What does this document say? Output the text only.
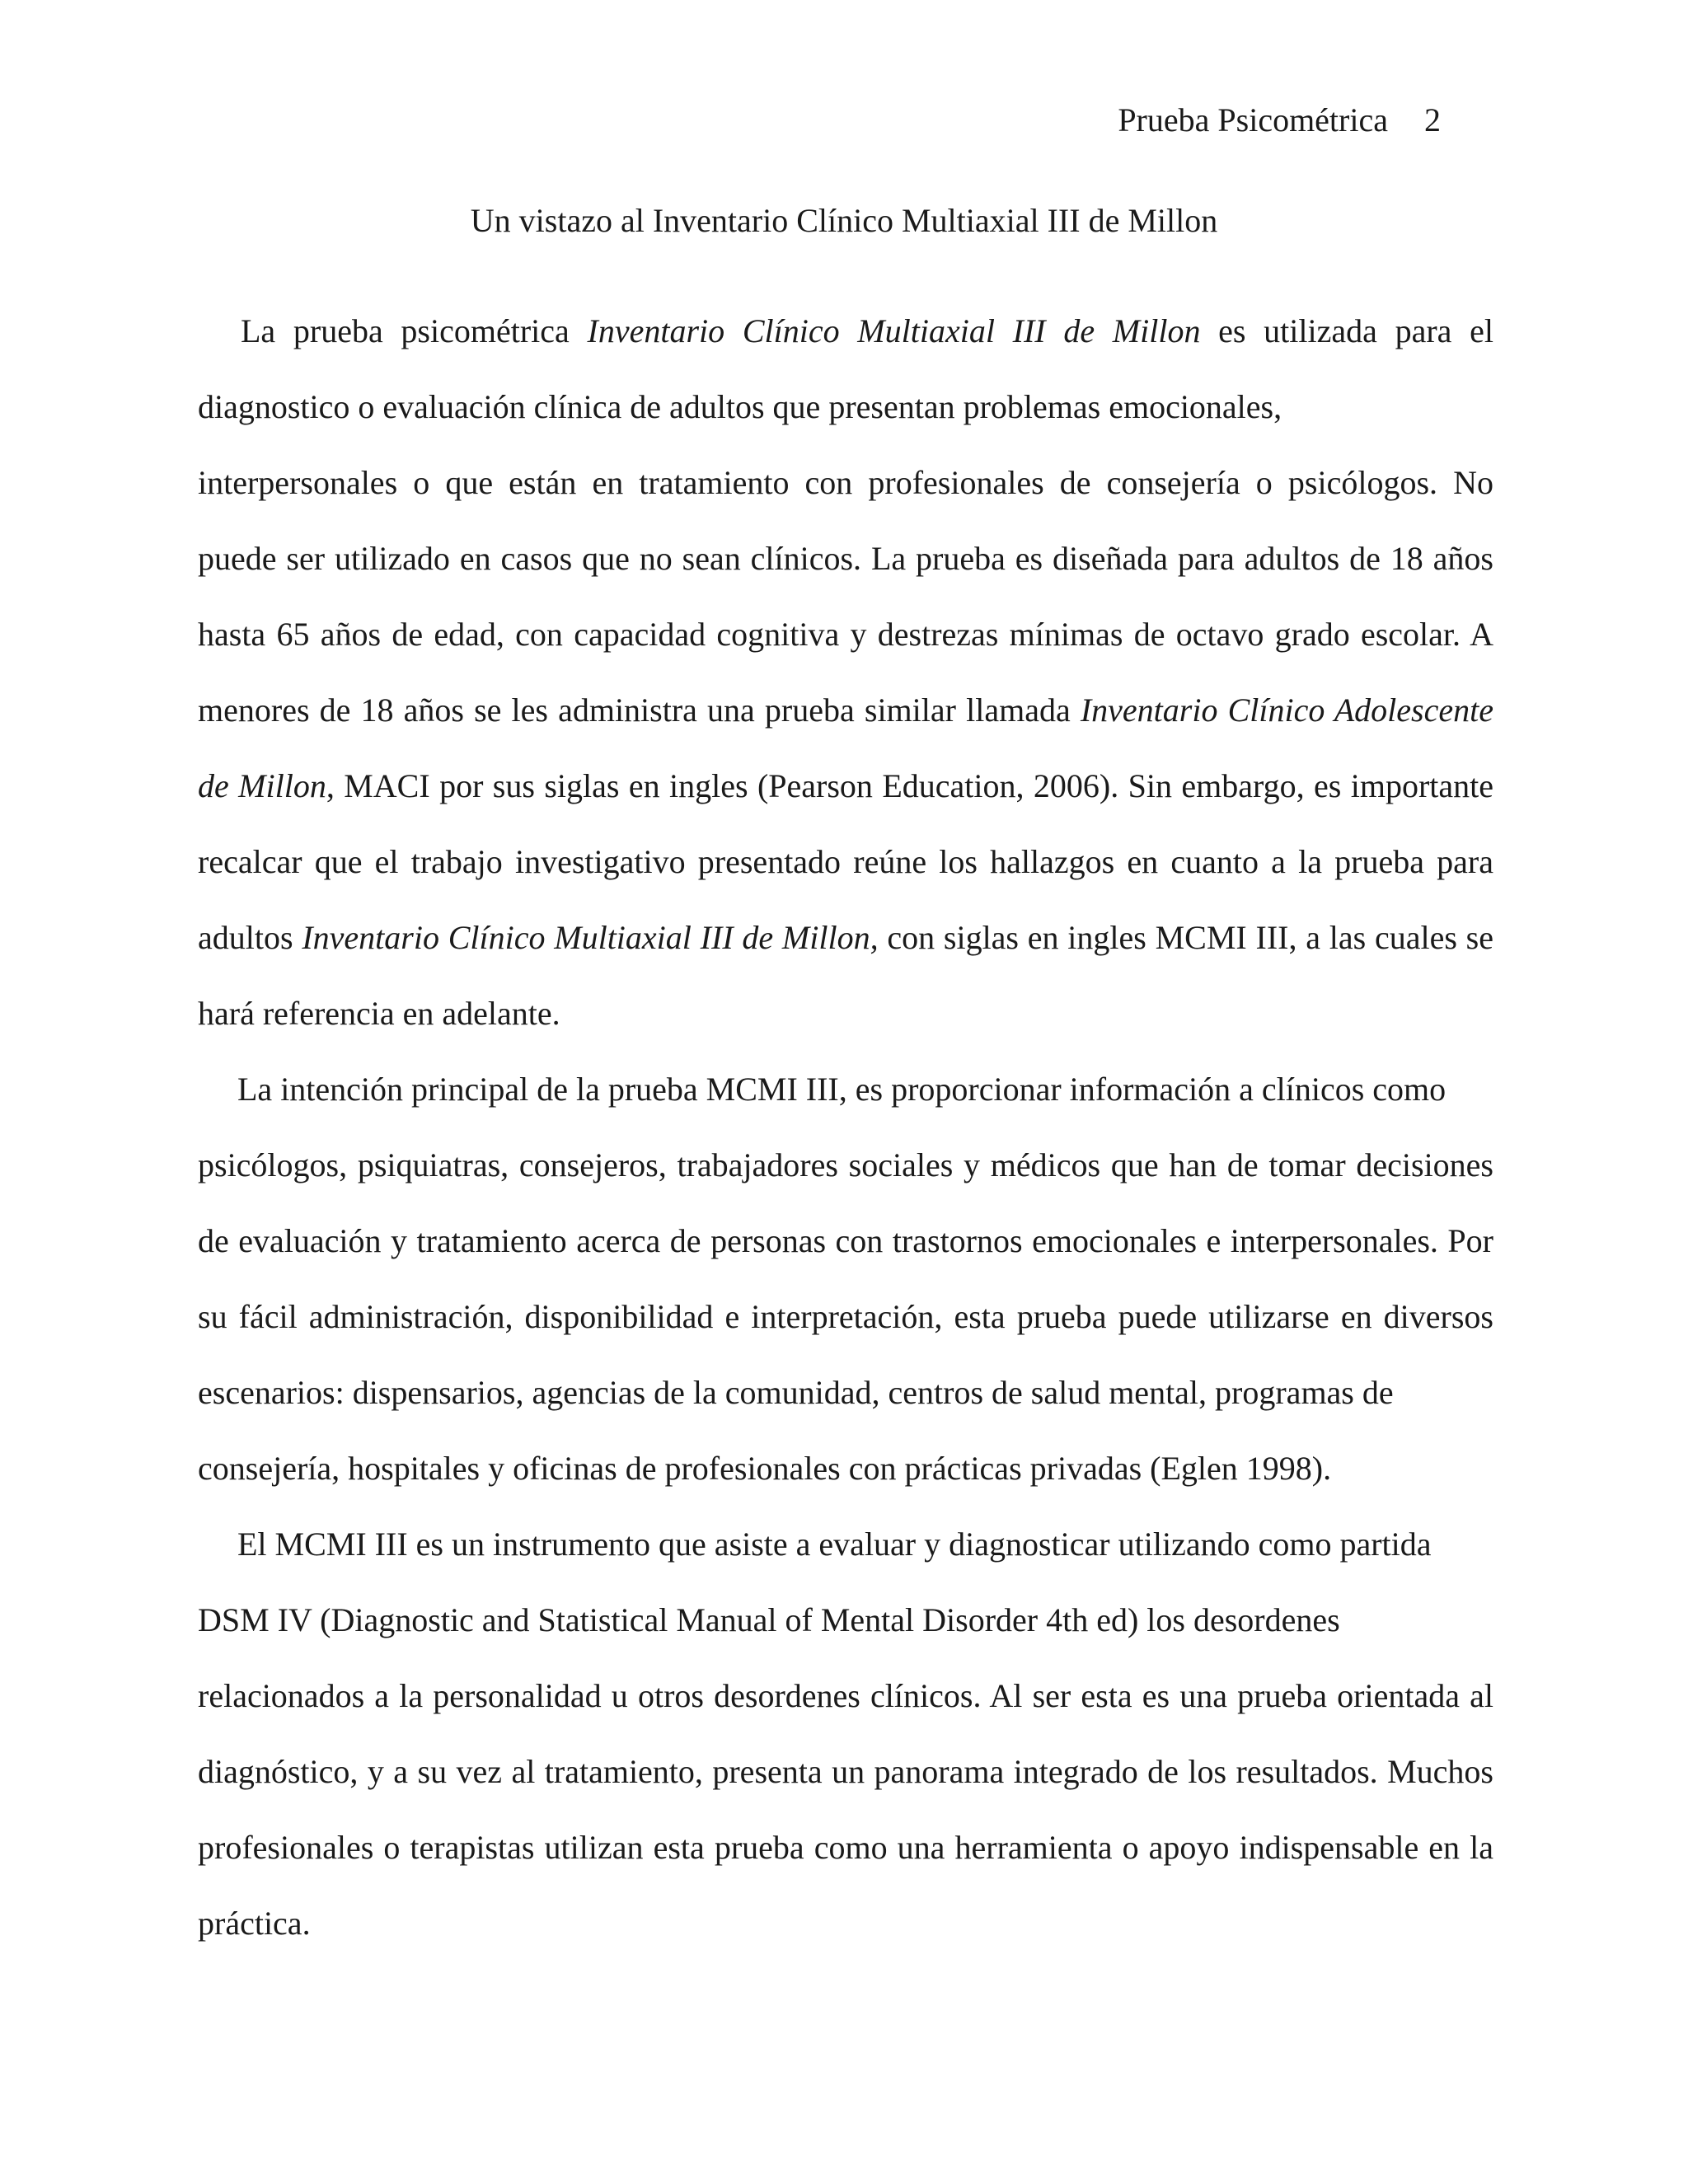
Prueba Psicométrica 2
Un vistazo al Inventario Clínico Multiaxial III de Millon
La prueba psicométrica Inventario Clínico Multiaxial III de Millon es utilizada para el
diagnostico o evaluación clínica de adultos que presentan problemas emocionales,
interpersonales o que están en tratamiento con profesionales de consejería o psicólogos. No
puede ser utilizado en casos que no sean clínicos. La prueba es diseñada para adultos de 18 años
hasta 65 años de edad, con capacidad cognitiva y destrezas mínimas de octavo grado escolar. A
menores de 18 años se les administra una prueba similar llamada Inventario Clínico Adolescente
de Millon, MACI por sus siglas en ingles (Pearson Education, 2006). Sin embargo, es importante
recalcar que el trabajo investigativo presentado reúne los hallazgos en cuanto a la prueba para
adultos Inventario Clínico Multiaxial III de Millon, con siglas en ingles MCMI III, a las cuales se
hará referencia en adelante.
La intención principal de la prueba MCMI III, es proporcionar información a clínicos como
psicólogos, psiquiatras, consejeros, trabajadores sociales y médicos que han de tomar decisiones
de evaluación y tratamiento acerca de personas con trastornos emocionales e interpersonales. Por
su fácil administración, disponibilidad e interpretación, esta prueba puede utilizarse en diversos
escenarios: dispensarios, agencias de la comunidad, centros de salud mental, programas de
consejería, hospitales y oficinas de profesionales con prácticas privadas (Eglen 1998).
El MCMI III es un instrumento que asiste a evaluar y diagnosticar utilizando como partida
DSM IV (Diagnostic and Statistical Manual of Mental Disorder 4th ed) los desordenes
relacionados a la personalidad u otros desordenes clínicos. Al ser esta es una prueba orientada al
diagnóstico, y a su vez al tratamiento, presenta un panorama integrado de los resultados. Muchos
profesionales o terapistas utilizan esta prueba como una herramienta o apoyo indispensable en la
práctica.
